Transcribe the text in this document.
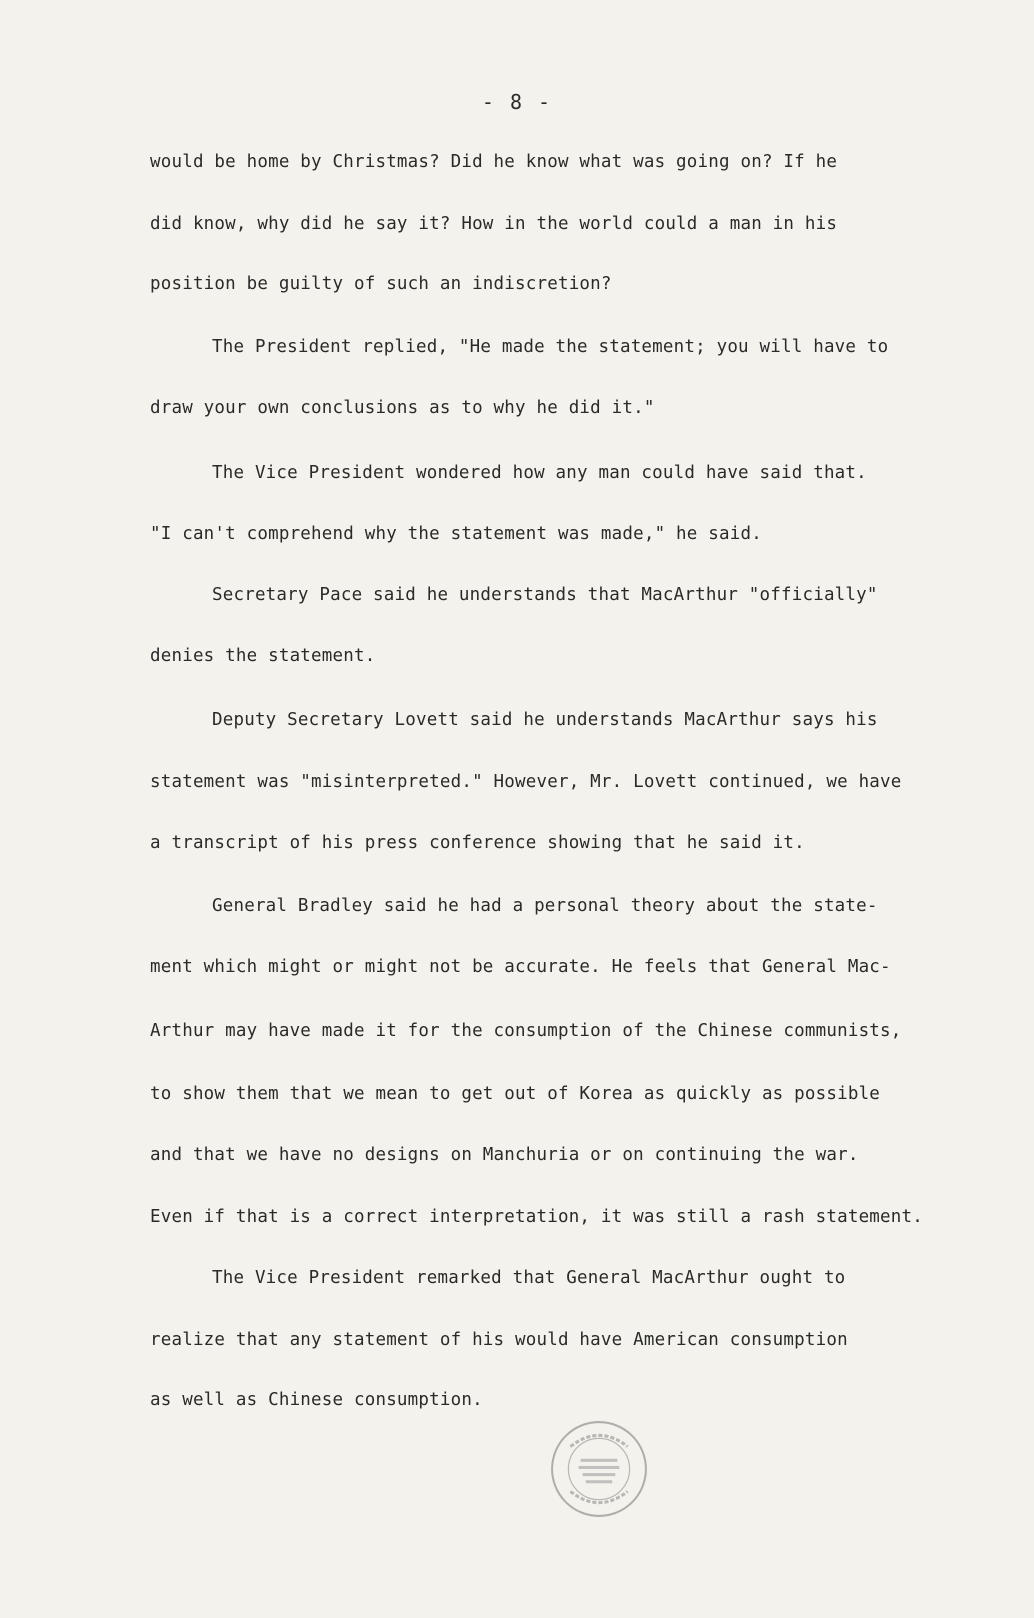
- 8 -
would be home by Christmas? Did he know what was going on? If he
did know, why did he say it? How in the world could a man in his
position be guilty of such an indiscretion?
The President replied, "He made the statement; you will have to
draw your own conclusions as to why he did it."
The Vice President wondered how any man could have said that.
"I can't comprehend why the statement was made," he said.
Secretary Pace said he understands that MacArthur "officially"
denies the statement.
Deputy Secretary Lovett said he understands MacArthur says his
statement was "misinterpreted." However, Mr. Lovett continued, we have
a transcript of his press conference showing that he said it.
General Bradley said he had a personal theory about the state-
ment which might or might not be accurate. He feels that General Mac-
Arthur may have made it for the consumption of the Chinese communists,
to show them that we mean to get out of Korea as quickly as possible
and that we have no designs on Manchuria or on continuing the war.
Even if that is a correct interpretation, it was still a rash statement.
The Vice President remarked that General MacArthur ought to
realize that any statement of his would have American consumption
as well as Chinese consumption.
